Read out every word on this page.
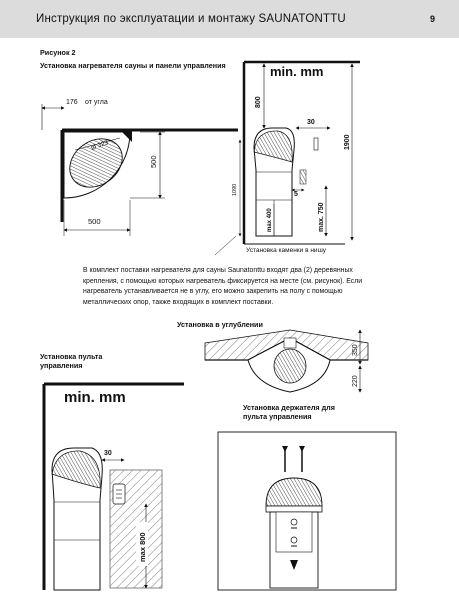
Инструкция по эксплуатации и монтажу SAUNATONTTU	9
Рисунок 2
Установка нагревателя сауны и панели управления
176 от угла
Ø 323
500
500
min. mm
800
1900
1090
max 400
30
5
max. 750
Установка каменки в нишу
350
220
min. mm
30
max 800
В комплект поставки нагревателя для сауны Saunatonttu входят два (2) деревянных крепления, с помощью которых нагреватель фиксируется на месте (см. рисунок). Если нагреватель устанавливается не в углу, его можно закрепить на полу с помощью металлических опор, также входящих в комплект поставки.
Установка в углублении
Установка пульта управления
Установка держателя для пульта управления
